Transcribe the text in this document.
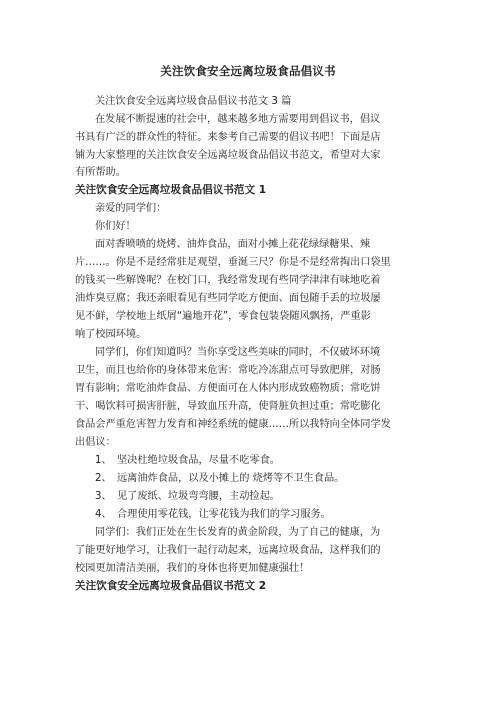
关注饮食安全远离垃圾食品倡议书
关注饮食安全远离垃圾食品倡议书范文 3 篇
在发展不断提速的社会中，越来越多地方需要用到倡议书，倡议
书具有广泛的群众性的特征。来参考自己需要的倡议书吧！下面是店
铺为大家整理的关注饮食安全远离垃圾食品倡议书范文，希望对大家
有所帮助。
关注饮食安全远离垃圾食品倡议书范文 1
亲爱的同学们：
你们好！
面对香喷喷的烧烤、油炸食品，面对小摊上花花绿绿糖果、辣
片……。你是不是经常驻足观望，垂涎三尺？你是不是经常掏出口袋里
的钱买一些解馋呢？在校门口，我经常发现有些同学津津有味地吃着
油炸臭豆腐；我还亲眼看见有些同学吃方便面、面包随手丢的垃圾屡
见不鲜，学校地上纸屑“遍地开花”，零食包装袋随风飘扬，严重影
响了校园环境。
同学们，你们知道吗？当你享受这些美味的同时，不仅破坏环境
卫生，而且也给你的身体带来危害：常吃冷冻甜点可导致肥胖，对肠
胃有影响；常吃油炸食品、方便面可在人体内形成致癌物质；常吃饼
干、喝饮料可损害肝脏，导致血压升高，使肾脏负担过重；常吃膨化
食品会严重危害智力发育和神经系统的健康……所以我特向全体同学发
出倡议：
1、 坚决杜绝垃圾食品，尽量不吃零食。
2、 远离油炸食品，以及小摊上的 烧烤等不卫生食品。
3、 见了废纸、垃圾弯弯腰，主动捡起。
4、 合理使用零花钱，让零花钱为我们的学习服务。
同学们：我们正处在生长发育的黄金阶段，为了自己的健康，为
了能更好地学习，让我们一起行动起来，远离垃圾食品，这样我们的
校园更加清洁美丽，我们的身体也将更加健康强壮！
关注饮食安全远离垃圾食品倡议书范文 2
